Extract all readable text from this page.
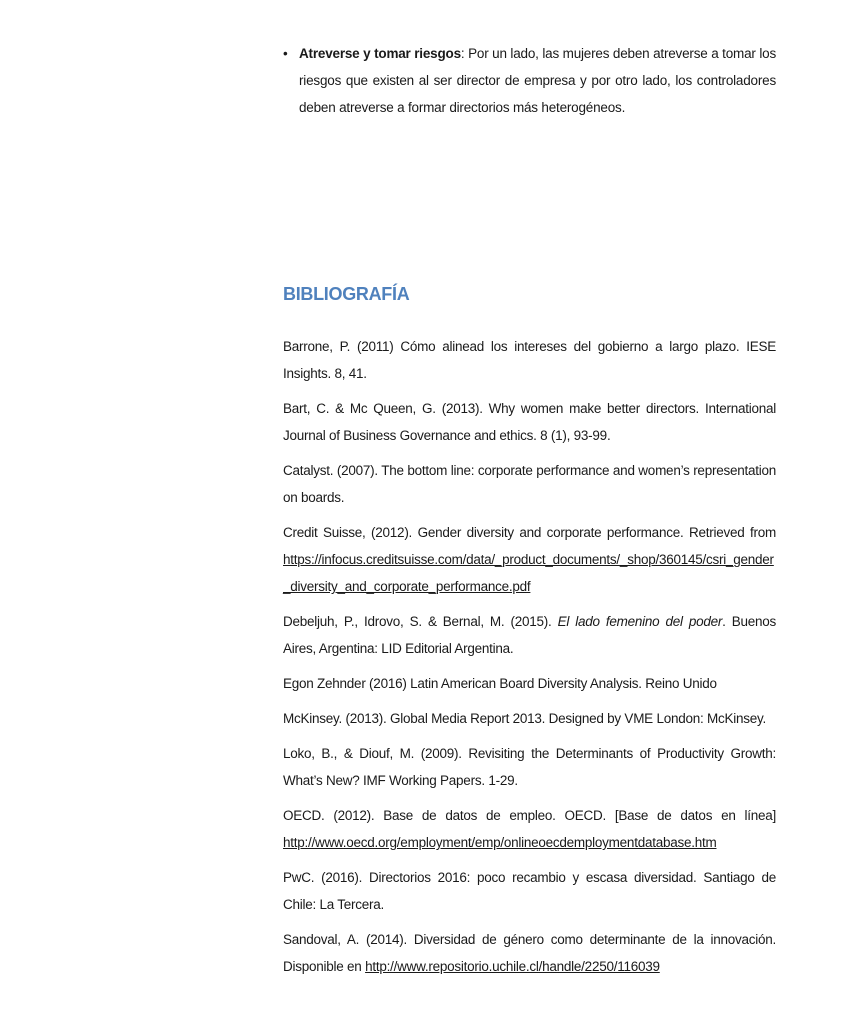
• Atreverse y tomar riesgos: Por un lado, las mujeres deben atreverse a tomar los riesgos que existen al ser director de empresa y por otro lado, los controladores deben atreverse a formar directorios más heterogéneos.
BIBLIOGRAFÍA
Barrone, P. (2011) Cómo alinead los intereses del gobierno a largo plazo. IESE Insights. 8, 41.
Bart, C. & Mc Queen, G. (2013). Why women make better directors. International Journal of Business Governance and ethics. 8 (1), 93-99.
Catalyst. (2007). The bottom line: corporate performance and women’s representation on boards.
Credit Suisse, (2012). Gender diversity and corporate performance. Retrieved from https://infocus.creditsuisse.com/data/_product_documents/_shop/360145/csri_gender_diversity_and_corporate_performance.pdf
Debeljuh, P., Idrovo, S. & Bernal, M. (2015). El lado femenino del poder. Buenos Aires, Argentina: LID Editorial Argentina.
Egon Zehnder (2016) Latin American Board Diversity Analysis. Reino Unido
McKinsey. (2013). Global Media Report 2013. Designed by VME London: McKinsey.
Loko, B., & Diouf, M. (2009). Revisiting the Determinants of Productivity Growth: What’s New? IMF Working Papers. 1-29.
OECD. (2012). Base de datos de empleo. OECD. [Base de datos en línea] http://www.oecd.org/employment/emp/onlineoecdemploymentdatabase.htm
PwC. (2016). Directorios 2016: poco recambio y escasa diversidad. Santiago de Chile: La Tercera.
Sandoval, A. (2014). Diversidad de género como determinante de la innovación. Disponible en http://www.repositorio.uchile.cl/handle/2250/116039
